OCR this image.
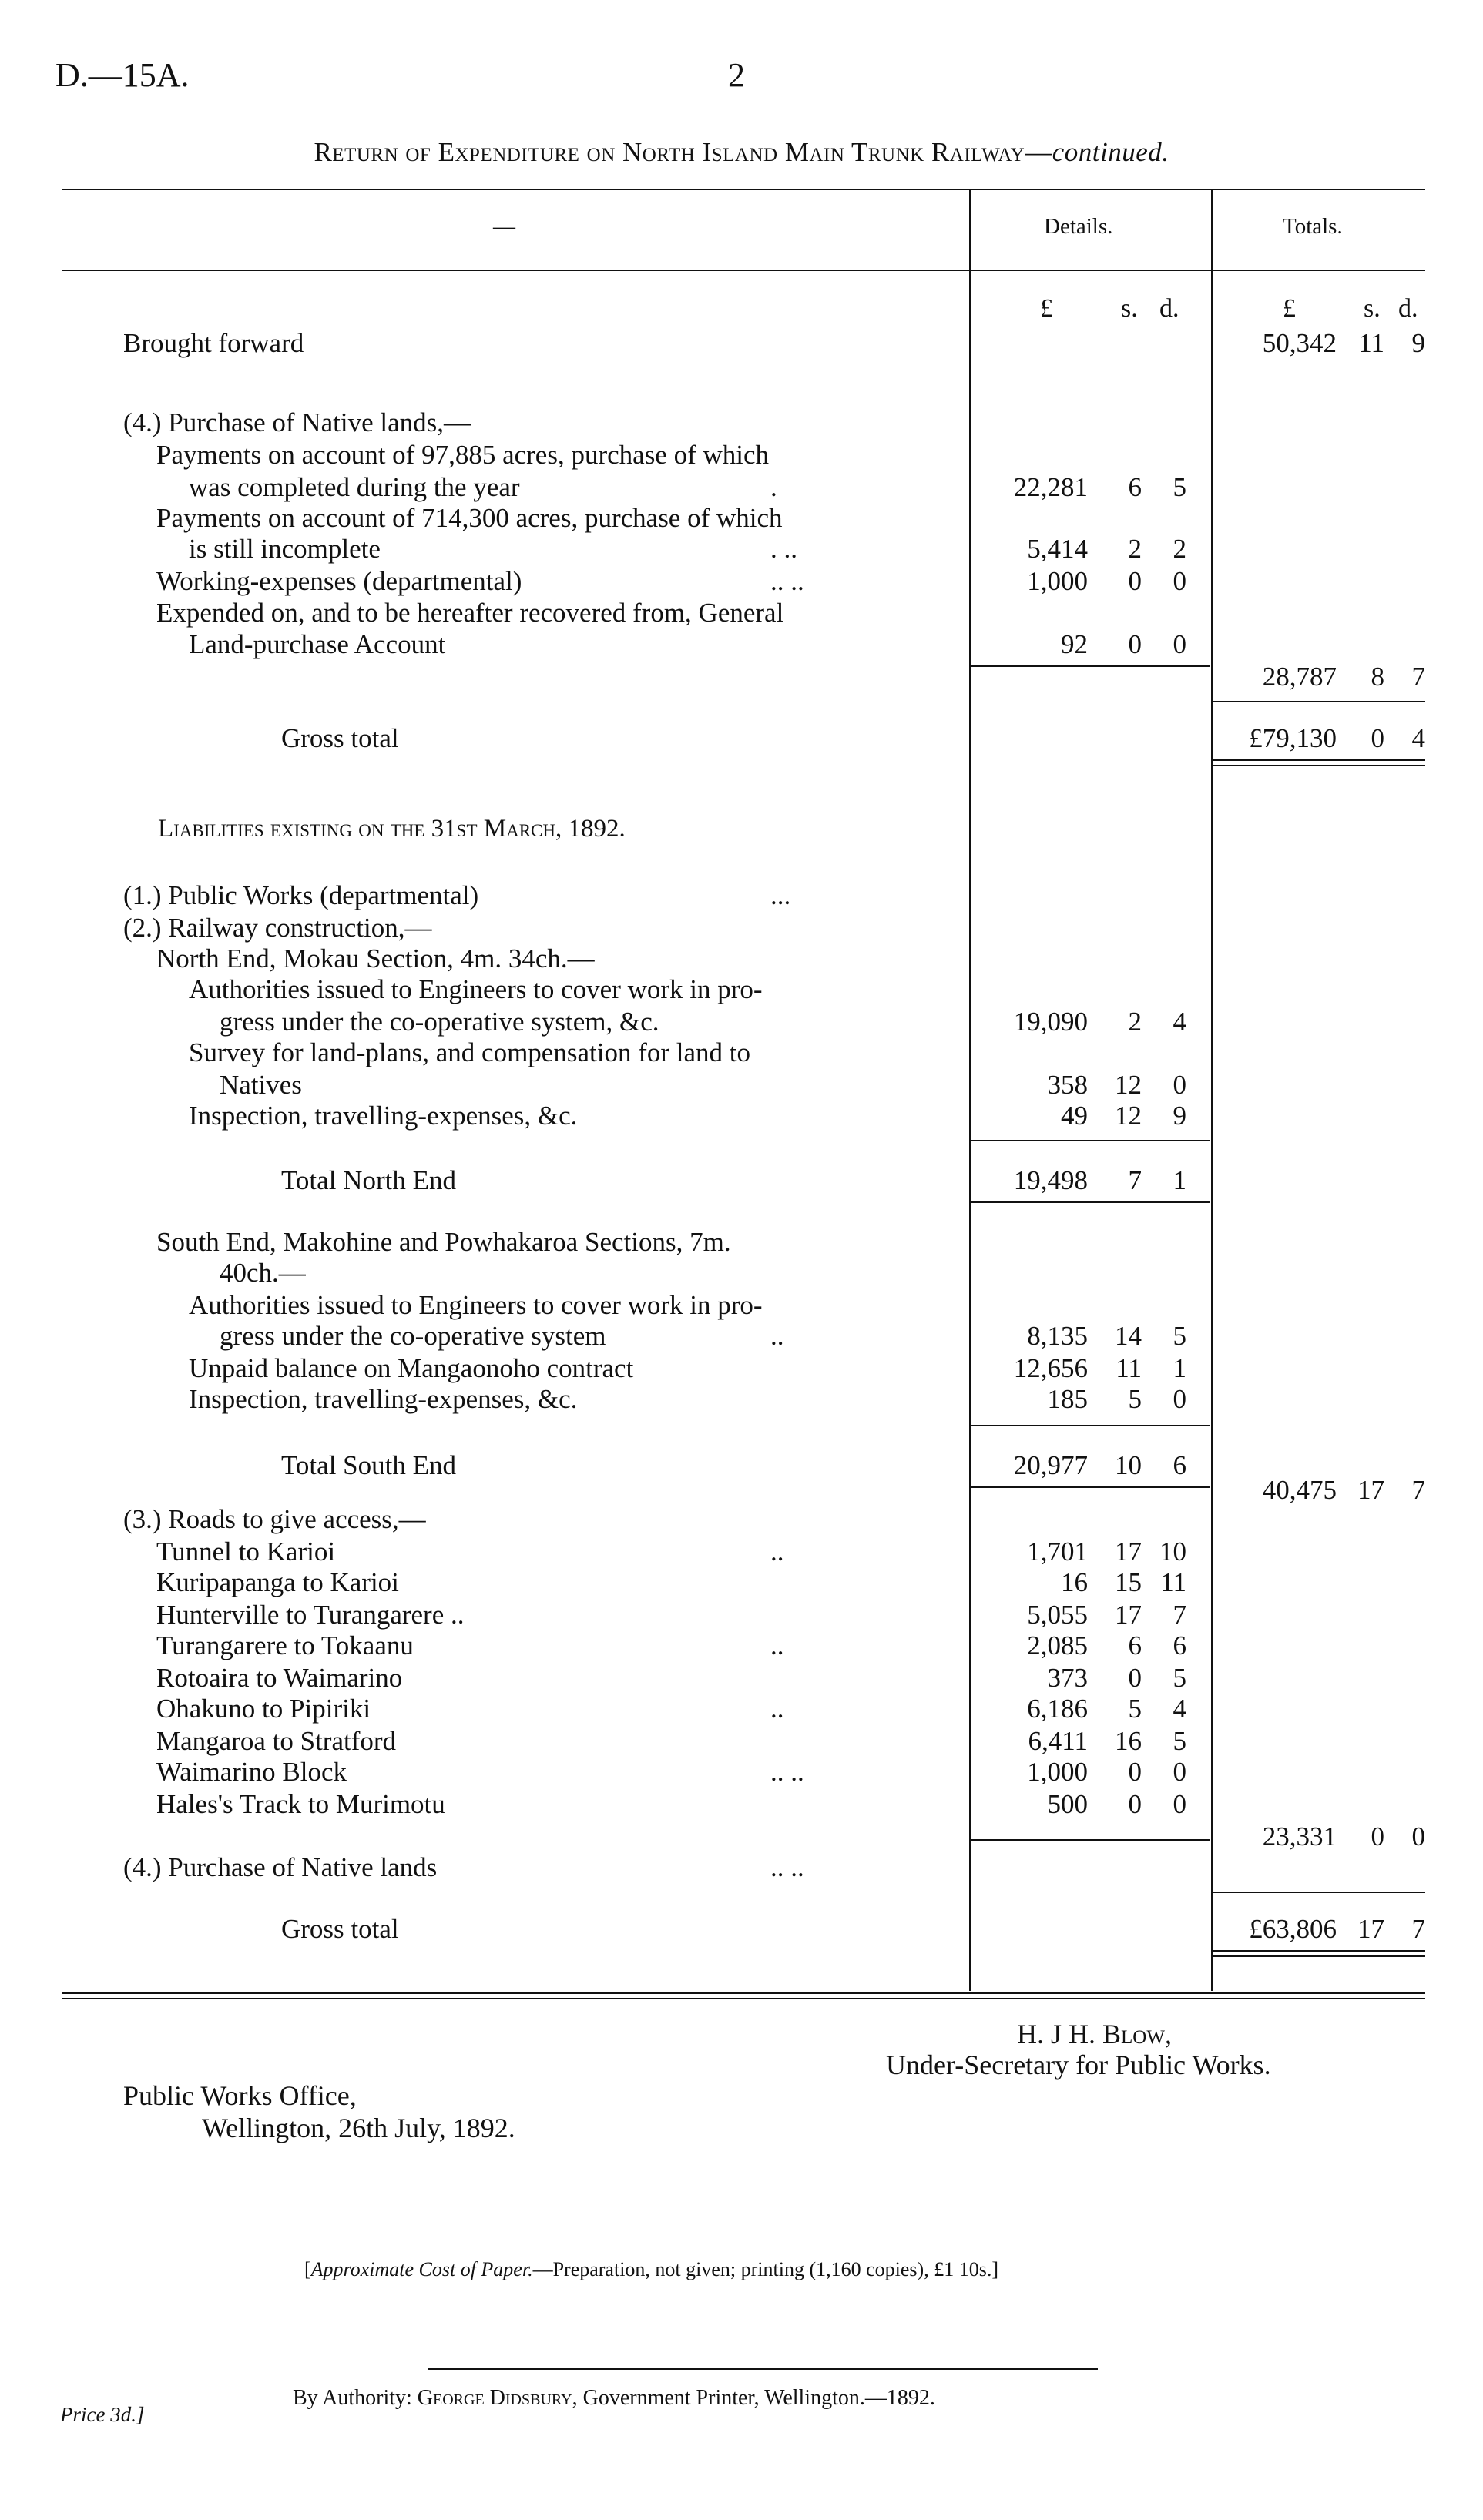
D.—15A.	2
Return of Expenditure on North Island Main Trunk Railway—continued.
—	Details.	Totals.
£	s. d.	£	s. d.
Brought forward	50,342 11 9
(4.) Purchase of Native lands,—
Payments on account of 97,885 acres, purchase of which
was completed during the year	.	22,281 6 5
Payments on account of 714,300 acres, purchase of which
is still incomplete	. ..	5,414 2 2
Working-expenses (departmental)	.. ..	1,000 0 0
Expended on, and to be hereafter recovered from, General
Land-purchase Account	92 0 0
28,787 8 7
Gross total	£79,130 0 4
Liabilities existing on the 31st March, 1892.
(1.) Public Works (departmental)	...
(2.) Railway construction,—
North End, Mokau Section, 4m. 34ch.—
Authorities issued to Engineers to cover work in pro-
gress under the co-operative system, &c.	19,090 2 4
Survey for land-plans, and compensation for land to
Natives	358 12 0
Inspection, travelling-expenses, &c.	49 12 9
Total North End	19,498 7 1
South End, Makohine and Powhakaroa Sections, 7m.
40ch.—
Authorities issued to Engineers to cover work in pro-
gress under the co-operative system	..	8,135 14 5
Unpaid balance on Mangaonoho contract	12,656 11 1
Inspection, travelling-expenses, &c.	185 5 0
Total South End	20,977 10 6
40,475 17 7
(3.) Roads to give access,—
Tunnel to Karioi	..	1,701 17 10
Kuripapanga to Karioi	16 15 11
Hunterville to Turangarere ..	5,055 17 7
Turangarere to Tokaanu	..	2,085 6 6
Rotoaira to Waimarino	373 0 5
Ohakuno to Pipiriki	..	6,186 5 4
Mangaroa to Stratford	6,411 16 5
Waimarino Block	.. ..	1,000 0 0
Hales's Track to Murimotu	500 0 0
23,331 0 0
(4.) Purchase of Native lands	.. ..
Gross total	£63,806 17 7
H. J H. Blow,
Under-Secretary for Public Works.
Public Works Office,
Wellington, 26th July, 1892.
[Approximate Cost of Paper.—Preparation, not given; printing (1,160 copies), £1 10s.]
By Authority: George Didsbury, Government Printer, Wellington.—1892.
Price 3d.]
